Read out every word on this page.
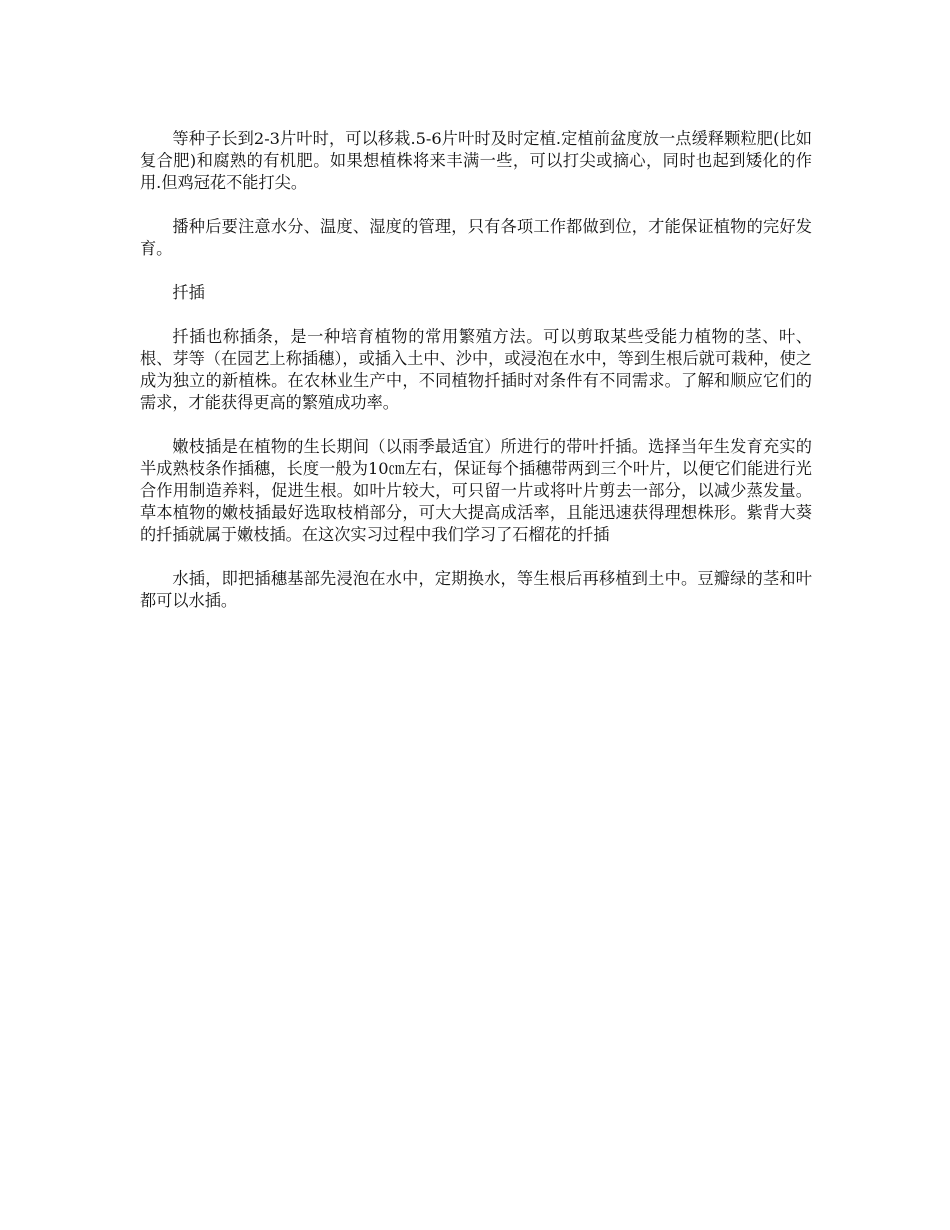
等种子长到2-3片叶时，可以移栽.5-6片叶时及时定植.定植前盆度放一点缓释颗粒肥(比如复合肥)和腐熟的有机肥。如果想植株将来丰满一些，可以打尖或摘心，同时也起到矮化的作用.但鸡冠花不能打尖。

播种后要注意水分、温度、湿度的管理，只有各项工作都做到位，才能保证植物的完好发育。

扦插

扦插也称插条，是一种培育植物的常用繁殖方法。可以剪取某些受能力植物的茎、叶、根、芽等（在园艺上称插穗），或插入土中、沙中，或浸泡在水中，等到生根后就可栽种，使之成为独立的新植株。在农林业生产中，不同植物扦插时对条件有不同需求。了解和顺应它们的需求，才能获得更高的繁殖成功率。

嫩枝插是在植物的生长期间（以雨季最适宜）所进行的带叶扦插。选择当年生发育充实的半成熟枝条作插穗，长度一般为10㎝左右，保证每个插穗带两到三个叶片，以便它们能进行光合作用制造养料，促进生根。如叶片较大，可只留一片或将叶片剪去一部分，以减少蒸发量。草本植物的嫩枝插最好选取枝梢部分，可大大提高成活率，且能迅速获得理想株形。紫背大葵的扦插就属于嫩枝插。在这次实习过程中我们学习了石榴花的扦插

水插，即把插穗基部先浸泡在水中，定期换水，等生根后再移植到土中。豆瓣绿的茎和叶都可以水插。
